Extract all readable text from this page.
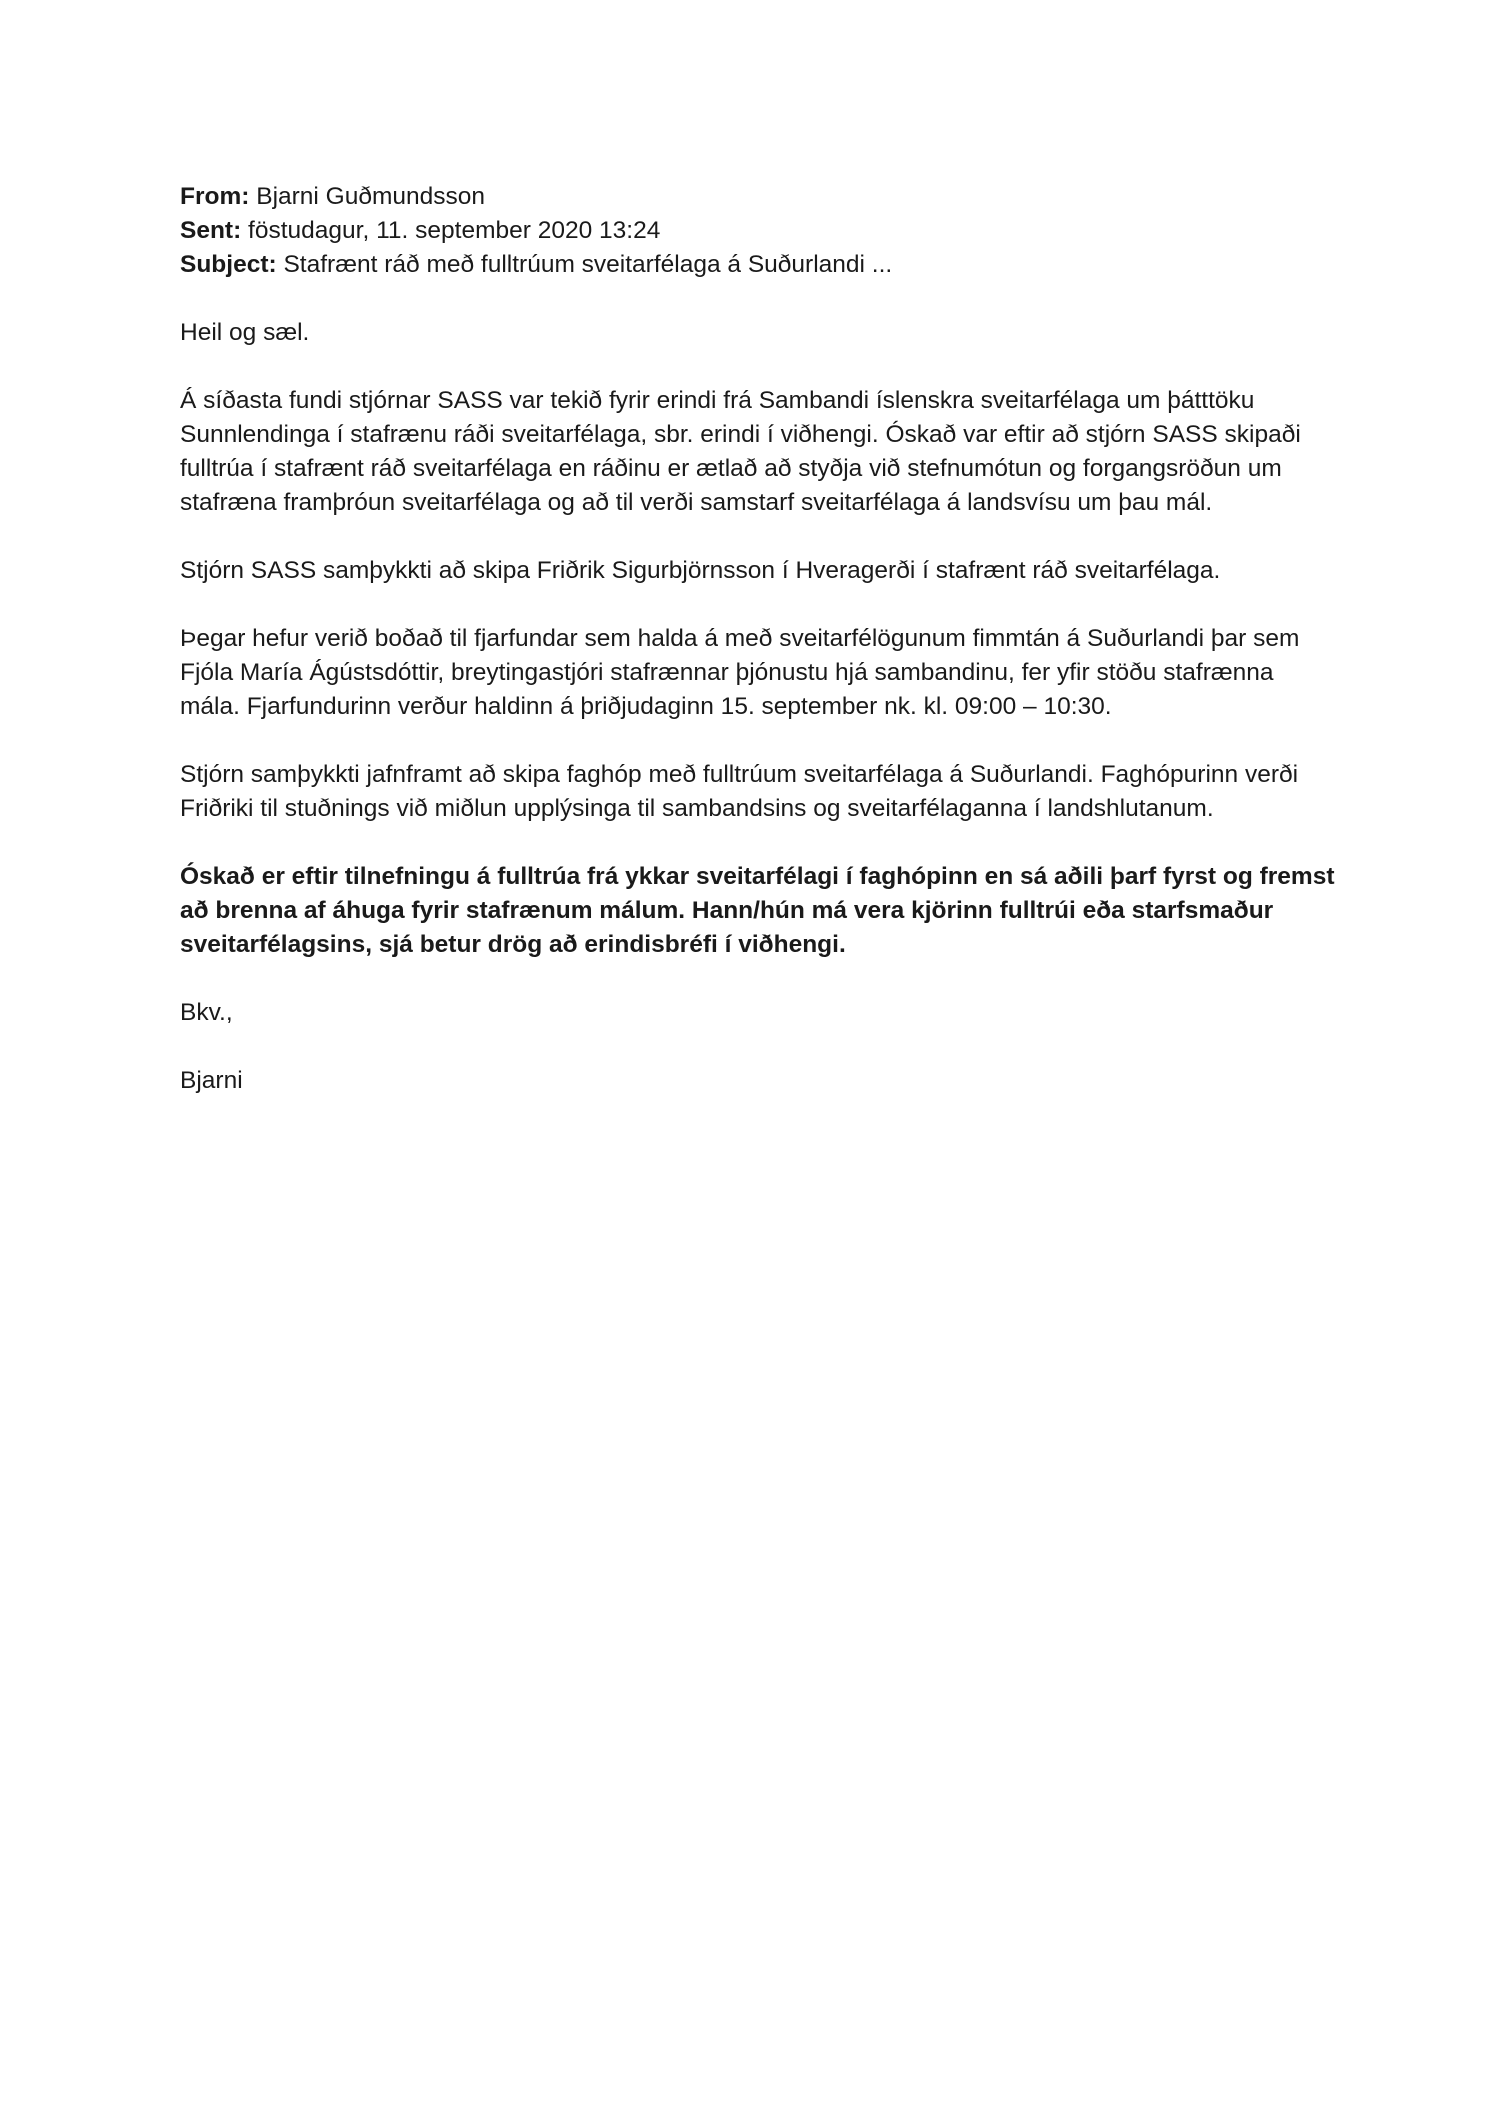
From: Bjarni Guðmundsson

Sent: föstudagur, 11. september 2020 13:24

Subject: Stafrænt ráð með fulltrúum sveitarfélaga á Suðurlandi ...

Heil og sæl.

Á síðasta fundi stjórnar SASS var tekið fyrir erindi frá Sambandi íslenskra sveitarfélaga um þátttöku Sunnlendinga í stafrænu ráði sveitarfélaga, sbr. erindi í viðhengi. Óskað var eftir að stjórn SASS skipaði fulltrúa í stafrænt ráð sveitarfélaga en ráðinu er ætlað að styðja við stefnumótun og forgangsröðun um stafræna framþróun sveitarfélaga og að til verði samstarf sveitarfélaga á landsvísu um þau mál.

Stjórn SASS samþykkti að skipa Friðrik Sigurbjörnsson í Hveragerði í stafrænt ráð sveitarfélaga.

Þegar hefur verið boðað til fjarfundar sem halda á með sveitarfélögunum fimmtán á Suðurlandi þar sem Fjóla María Ágústsdóttir, breytingastjóri stafrænnar þjónustu hjá sambandinu, fer yfir stöðu stafrænna mála. Fjarfundurinn verður haldinn á þriðjudaginn 15. september nk. kl. 09:00 – 10:30.

Stjórn samþykkti jafnframt að skipa faghóp með fulltrúum sveitarfélaga á Suðurlandi. Faghópurinn verði Friðriki til stuðnings við miðlun upplýsinga til sambandsins og sveitarfélaganna í landshlutanum.

Óskað er eftir tilnefningu á fulltrúa frá ykkar sveitarfélagi í faghópinn en sá aðili þarf fyrst og fremst að brenna af áhuga fyrir stafrænum málum. Hann/hún má vera kjörinn fulltrúi eða starfsmaður sveitarfélagsins, sjá betur drög að erindisbréfi í viðhengi.

Bkv.,

Bjarni
